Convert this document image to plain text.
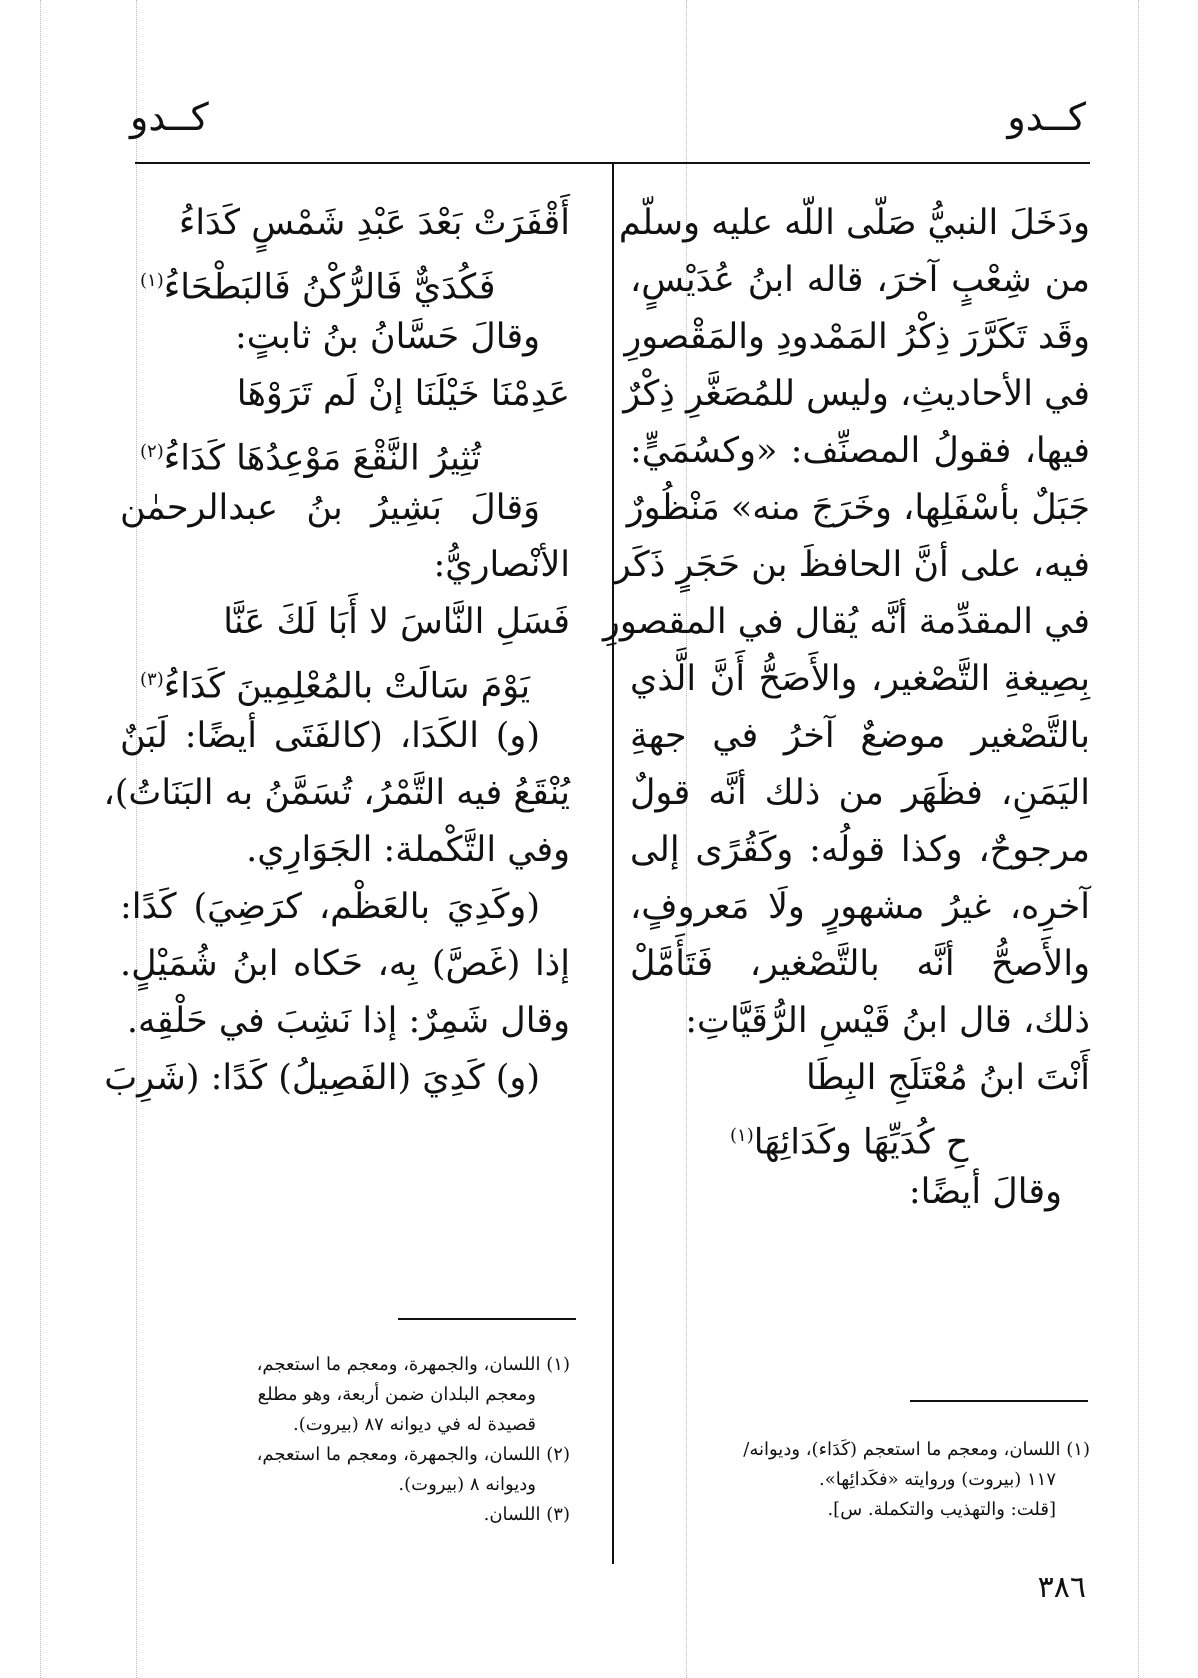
كــدو
كــدو
ودَخَلَ النبيُّ صَلّى اللّه عليه وسلّم
من شِعْبٍ آخرَ، قاله ابنُ عُدَيْسٍ،
وقَد تَكَرَّرَ ذِكْرُ المَمْدودِ والمَقْصورِ
في الأحاديثِ، وليس للمُصَغَّرِ ذِكْرٌ
فيها، فقولُ المصنِّف: «وكسُمَيٍّ:
جَبَلٌ بأسْفَلِها، وخَرَجَ منه» مَنْظُورٌ
فيه، على أنَّ الحافظَ بن حَجَرٍ ذَكَر
في المقدِّمة أنَّه يُقال في المقصورِ
بِصِيغةِ التَّصْغير، والأَصَحُّ أَنَّ الَّذي
بالتَّصْغير موضعٌ آخرُ في جهةِ
اليَمَنِ، فظَهَر من ذلك أنَّه قولٌ
مرجوحٌ، وكذا قولُه: وكَقُرًى إلى
آخرِه، غيرُ مشهورٍ ولَا مَعروفٍ،
والأَصحُّ أنَّه بالتَّصْغير، فَتَأَمَّلْ
ذلك، قال ابنُ قَيْسِ الرُّقَيَّاتِ:
أَنْتَ ابنُ مُعْتَلَجِ البِطَا
حِ كُدَيِّهَا وكَدَائِهَا$^{(١)}$
وقالَ أيضًا:
أَقْفَرَتْ بَعْدَ عَبْدِ شَمْسٍ كَدَاءُ
فَكُدَيٌّ فَالرُّكْنُ فَالبَطْحَاءُ$^{(١)}$
وقالَ حَسَّانُ بنُ ثابتٍ:
عَدِمْنَا خَيْلَنَا إنْ لَم تَرَوْهَا
تُثِيرُ النَّقْعَ مَوْعِدُهَا كَدَاءُ$^{(٢)}$
وَقالَ بَشِيرُ بنُ عبدالرحمٰن
الأنْصاريُّ:
فَسَلِ النَّاسَ لا أَبَا لَكَ عَنَّا
يَوْمَ سَالَتْ بالمُعْلِمِينَ كَدَاءُ$^{(٣)}$
(و) الكَدَا، (كالفَتَى أيضًا: لَبَنٌ
يُنْقَعُ فيه التَّمْرُ، تُسَمَّنُ به البَنَاتُ)،
وفي التَّكْملة: الجَوَارِي.
(وكَدِيَ بالعَظْم، كرَضِيَ) كَدًا:
إذا (غَصَّ) بِه، حَكاه ابنُ شُمَيْلٍ.
وقال شَمِرٌ: إذا نَشِبَ في حَلْقِه.
(و) كَدِيَ (الفَصِيلُ) كَدًا: (شَرِبَ
(١) اللسان، والجمهرة، ومعجم ما استعجم،
ومعجم البلدان ضمن أربعة، وهو مطلع
قصيدة له في ديوانه ٨٧ (بيروت).
(٢) اللسان، والجمهرة، ومعجم ما استعجم،
وديوانه ٨ (بيروت).
(٣) اللسان.
(١) اللسان، ومعجم ما استعجم (كَدَاء)، وديوانه/
١١٧ (بيروت) وروايته «فكَدائِها».
[قلت: والتهذيب والتكملة. س].
٣٨٦
